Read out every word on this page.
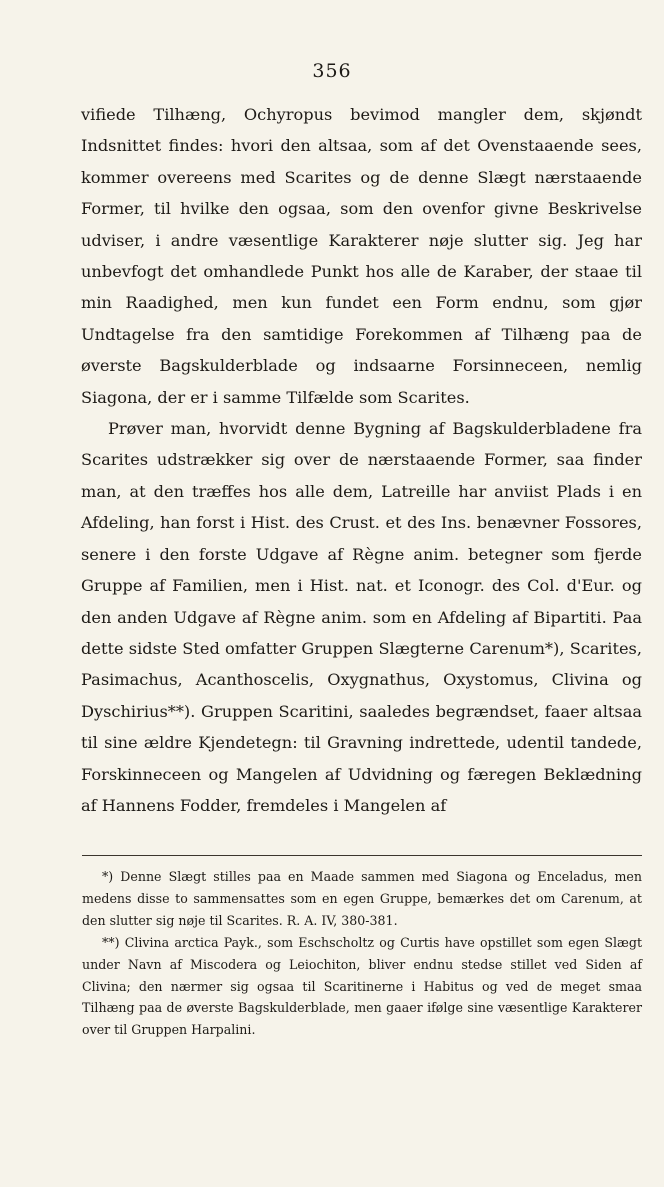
356

vifiede Tilhæng, Ochyropus bevimod mangler dem, skjøndt Indsnittet findes: hvori den altsaa, som af det Ovenstaaende sees, kommer overeens med Scarites og de denne Slægt nærstaaende Former, til hvilke den ogsaa, som den ovenfor givne Beskrivelse udviser, i andre væsentlige Karakterer nøje slutter sig. Jeg har unbevfogt det omhandlede Punkt hos alle de Karaber, der staae til min Raadighed, men kun fundet een Form endnu, som gjør Undtagelse fra den samtidige Forekommen af Tilhæng paa de øverste Bagskulderblade og indsaarne Forsinneceen, nemlig Siagona, der er i samme Tilfælde som Scarites.

Prøver man, hvorvidt denne Bygning af Bagskulderbladene fra Scarites udstrækker sig over de nærstaaende Former, saa finder man, at den træffes hos alle dem, Latreille har anviist Plads i en Afdeling, han forst i Hist. des Crust. et des Ins. benævner Fossores, senere i den forste Udgave af Règne anim. betegner som fjerde Gruppe af Familien, men i Hist. nat. et Iconogr. des Col. d'Eur. og den anden Udgave af Règne anim. som en Afdeling af Bipartiti. Paa dette sidste Sted omfatter Gruppen Slægterne Carenum*), Scarites, Pasimachus, Acanthoscelis, Oxygnathus, Oxystomus, Clivina og Dyschirius**). Gruppen Scaritini, saaledes begrændset, faaer altsaa til sine ældre Kjendetegn: til Gravning indrettede, udentil tandede, Forskinneceen og Mangelen af Udvidning og færegen Beklædning af Hannens Fodder, fremdeles i Mangelen af

*) Denne Slægt stilles paa en Maade sammen med Siagona og Enceladus, men medens disse to sammensattes som en egen Gruppe, bemærkes det om Carenum, at den slutter sig nøje til Scarites. R. A. IV, 380-381.

**) Clivina arctica Payk., som Eschscholtz og Curtis have opstillet som egen Slægt under Navn af Miscodera og Leiochiton, bliver endnu stedse stillet ved Siden af Clivina; den nærmer sig ogsaa til Scaritinerne i Habitus og ved de meget smaa Tilhæng paa de øverste Bagskulderblade, men gaaer ifølge sine væsentlige Karakterer over til Gruppen Harpalini.
